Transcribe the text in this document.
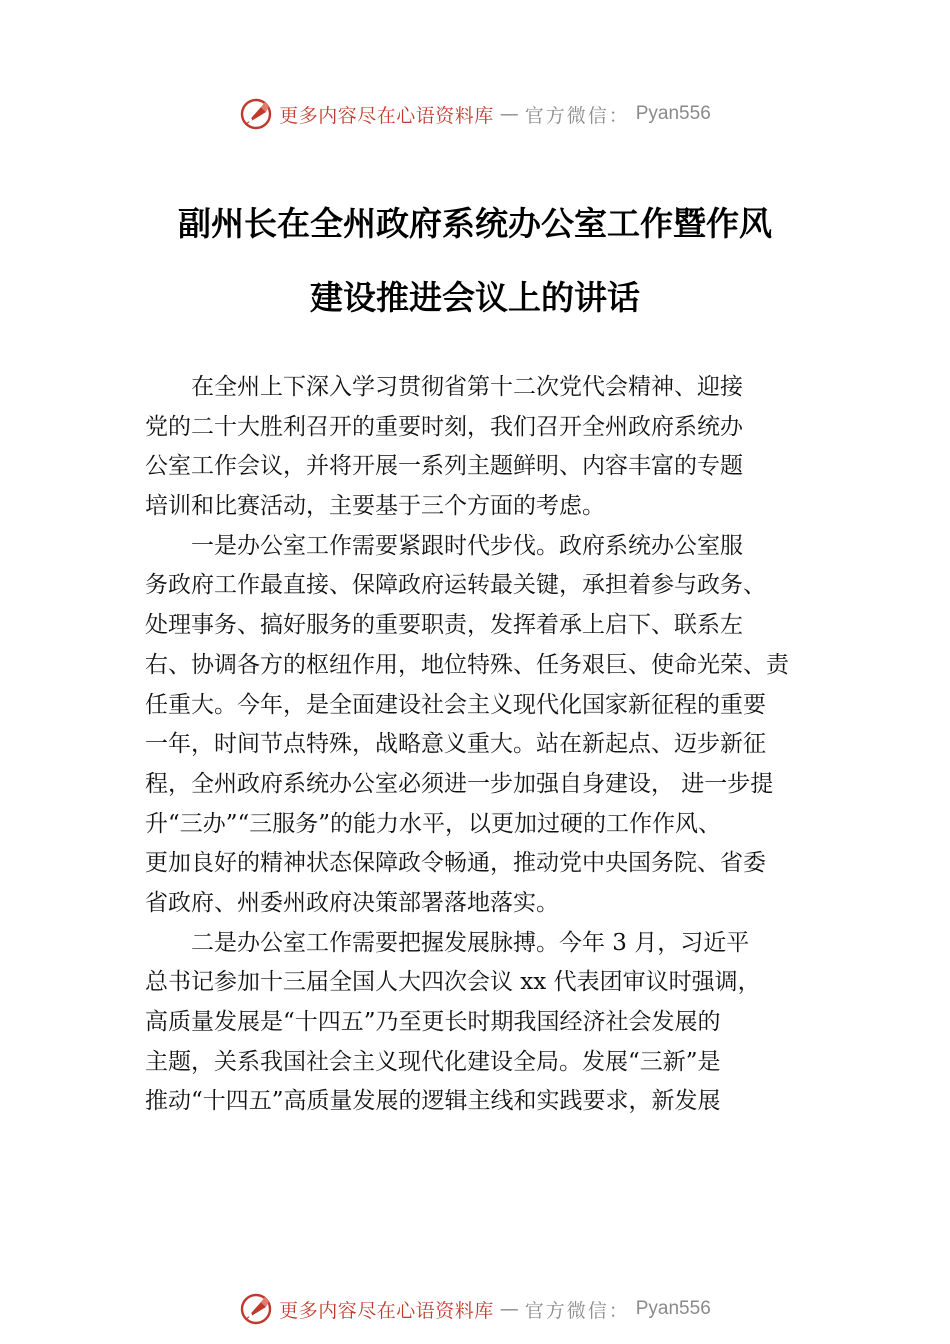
更多内容尽在心语资料库 — 官方微信： Pyan556
副州长在全州政府系统办公室工作暨作风
建设推进会议上的讲话
在全州上下深入学习贯彻省第十二次党代会精神、迎接
党的二十大胜利召开的重要时刻，我们召开全州政府系统办
公室工作会议，并将开展一系列主题鲜明、内容丰富的专题
培训和比赛活动，主要基于三个方面的考虑。
一是办公室工作需要紧跟时代步伐。政府系统办公室服
务政府工作最直接、保障政府运转最关键，承担着参与政务、
处理事务、搞好服务的重要职责，发挥着承上启下、联系左
右、协调各方的枢纽作用，地位特殊、任务艰巨、使命光荣、责
任重大。今年，是全面建设社会主义现代化国家新征程的重要
一年，时间节点特殊，战略意义重大。站在新起点、迈步新征
程，全州政府系统办公室必须进一步加强自身建设， 进一步提
升“三办”“三服务”的能力水平，以更加过硬的工作作风、
更加良好的精神状态保障政令畅通，推动党中央国务院、省委
省政府、州委州政府决策部署落地落实。
二是办公室工作需要把握发展脉搏。今年 3 月，习近平
总书记参加十三届全国人大四次会议 xx 代表团审议时强调，
高质量发展是“十四五”乃至更长时期我国经济社会发展的
主题，关系我国社会主义现代化建设全局。发展“三新”是
推动“十四五”高质量发展的逻辑主线和实践要求，新发展
更多内容尽在心语资料库 — 官方微信： Pyan556
